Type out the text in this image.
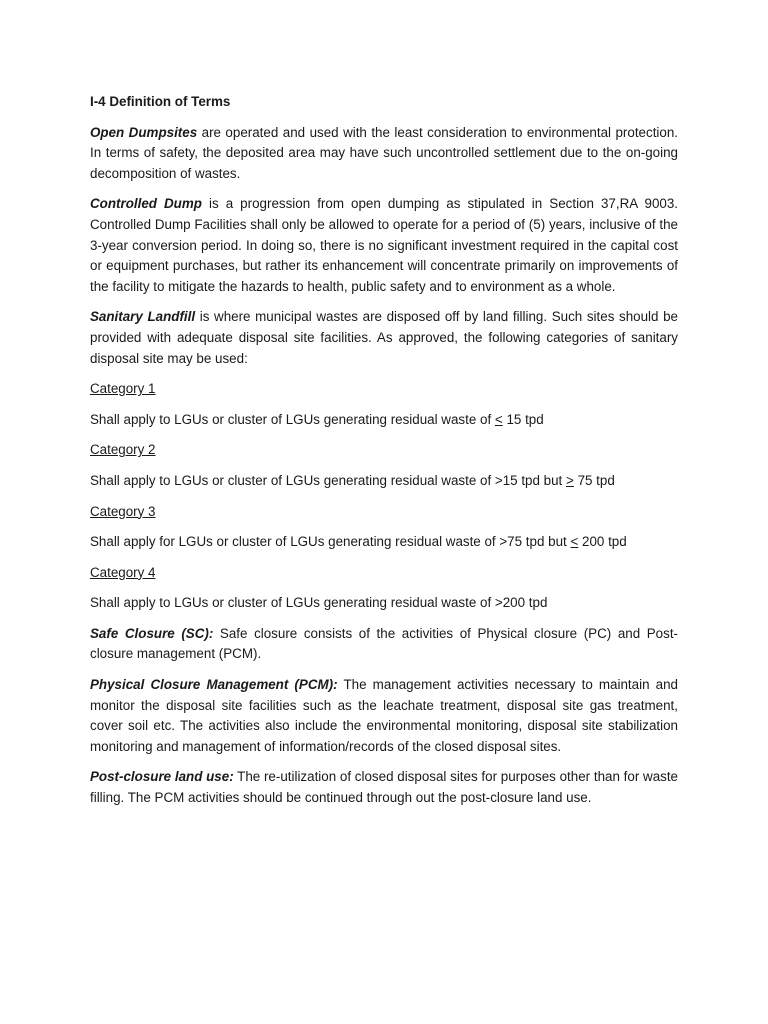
I-4 Definition of Terms

Open Dumpsites are operated and used with the least consideration to environmental protection. In terms of safety, the deposited area may have such uncontrolled settlement due to the on-going decomposition of wastes.

Controlled Dump is a progression from open dumping as stipulated in Section 37,RA 9003. Controlled Dump Facilities shall only be allowed to operate for a period of (5) years, inclusive of the 3-year conversion period. In doing so, there is no significant investment required in the capital cost or equipment purchases, but rather its enhancement will concentrate primarily on improvements of the facility to mitigate the hazards to health, public safety and to environment as a whole.

Sanitary Landfill is where municipal wastes are disposed off by land filling. Such sites should be provided with adequate disposal site facilities. As approved, the following categories of sanitary disposal site may be used:

Category 1

Shall apply to LGUs or cluster of LGUs generating residual waste of ≤ 15 tpd

Category 2

Shall apply to LGUs or cluster of LGUs generating residual waste of >15 tpd but ≥ 75 tpd

Category 3

Shall apply for LGUs or cluster of LGUs generating residual waste of >75 tpd but ≤ 200 tpd

Category 4

Shall apply to LGUs or cluster of LGUs generating residual waste of >200 tpd

Safe Closure (SC): Safe closure consists of the activities of Physical closure (PC) and Post-closure management (PCM).

Physical Closure Management (PCM): The management activities necessary to maintain and monitor the disposal site facilities such as the leachate treatment, disposal site gas treatment, cover soil etc. The activities also include the environmental monitoring, disposal site stabilization monitoring and management of information/records of the closed disposal sites.

Post-closure land use: The re-utilization of closed disposal sites for purposes other than for waste filling. The PCM activities should be continued through out the post-closure land use.
